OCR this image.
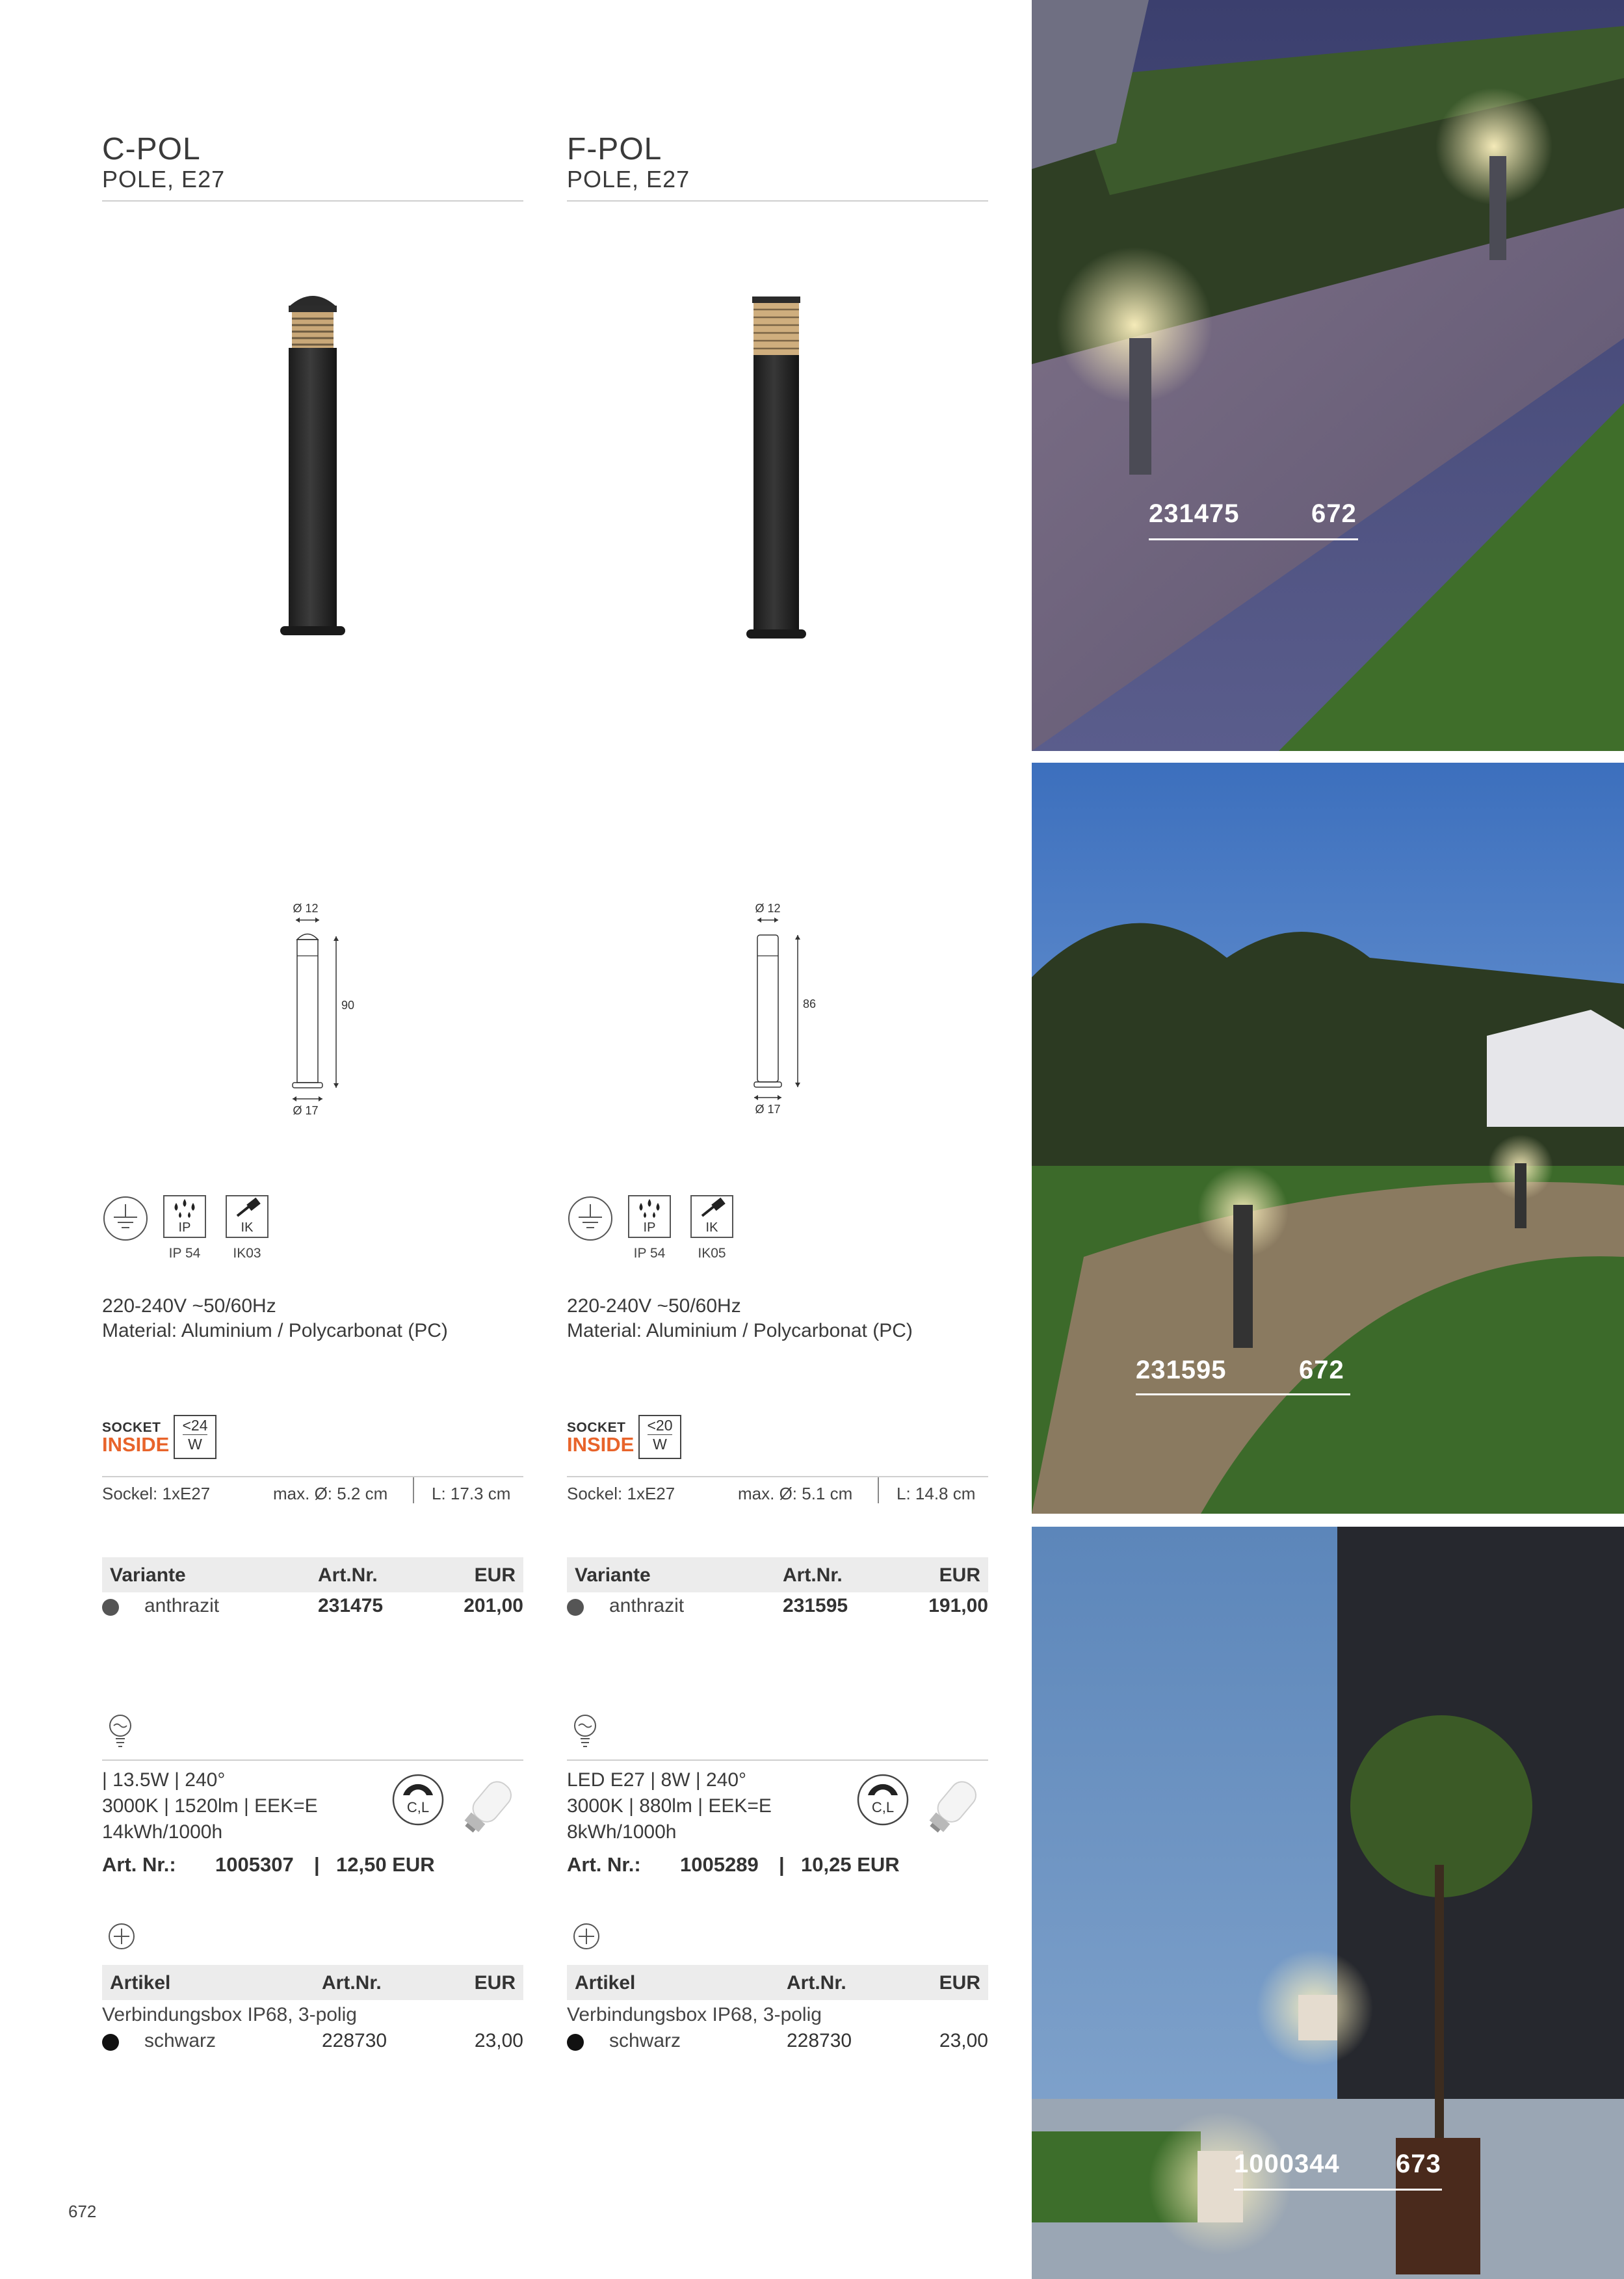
C-POL
POLE, E27
Ø 12
90
Ø 17
IP	IK
IP 54	IK03
220-240V ~50/60Hz
Material: Aluminium / Polycarbonat (PC)
SOCKET
INSIDE
<24
W
Sockel: 1xE27	max. Ø: 5.2 cm	L: 17.3 cm
Variante	Art.Nr.	EUR
anthrazit	231475	201,00
| 13.5W | 240°
3000K | 1520lm | EEK=E
14kWh/1000h
C,L
Art. Nr.: 1005307 | 12,50 EUR
Artikel	Art.Nr.	EUR
Verbindungsbox IP68, 3-polig
schwarz	228730	23,00
F-POL
POLE, E27
Ø 12
86
Ø 17
IP	IK
IP 54	IK05
220-240V ~50/60Hz
Material: Aluminium / Polycarbonat (PC)
SOCKET
INSIDE
<20
W
Sockel: 1xE27	max. Ø: 5.1 cm	L: 14.8 cm
Variante	Art.Nr.	EUR
anthrazit	231595	191,00
LED E27 | 8W | 240°
3000K | 880lm | EEK=E
8kWh/1000h
C,L
Art. Nr.: 1005289 | 10,25 EUR
Artikel	Art.Nr.	EUR
Verbindungsbox IP68, 3-polig
schwarz	228730	23,00
231475	672
231595	672
1000344 673
672
